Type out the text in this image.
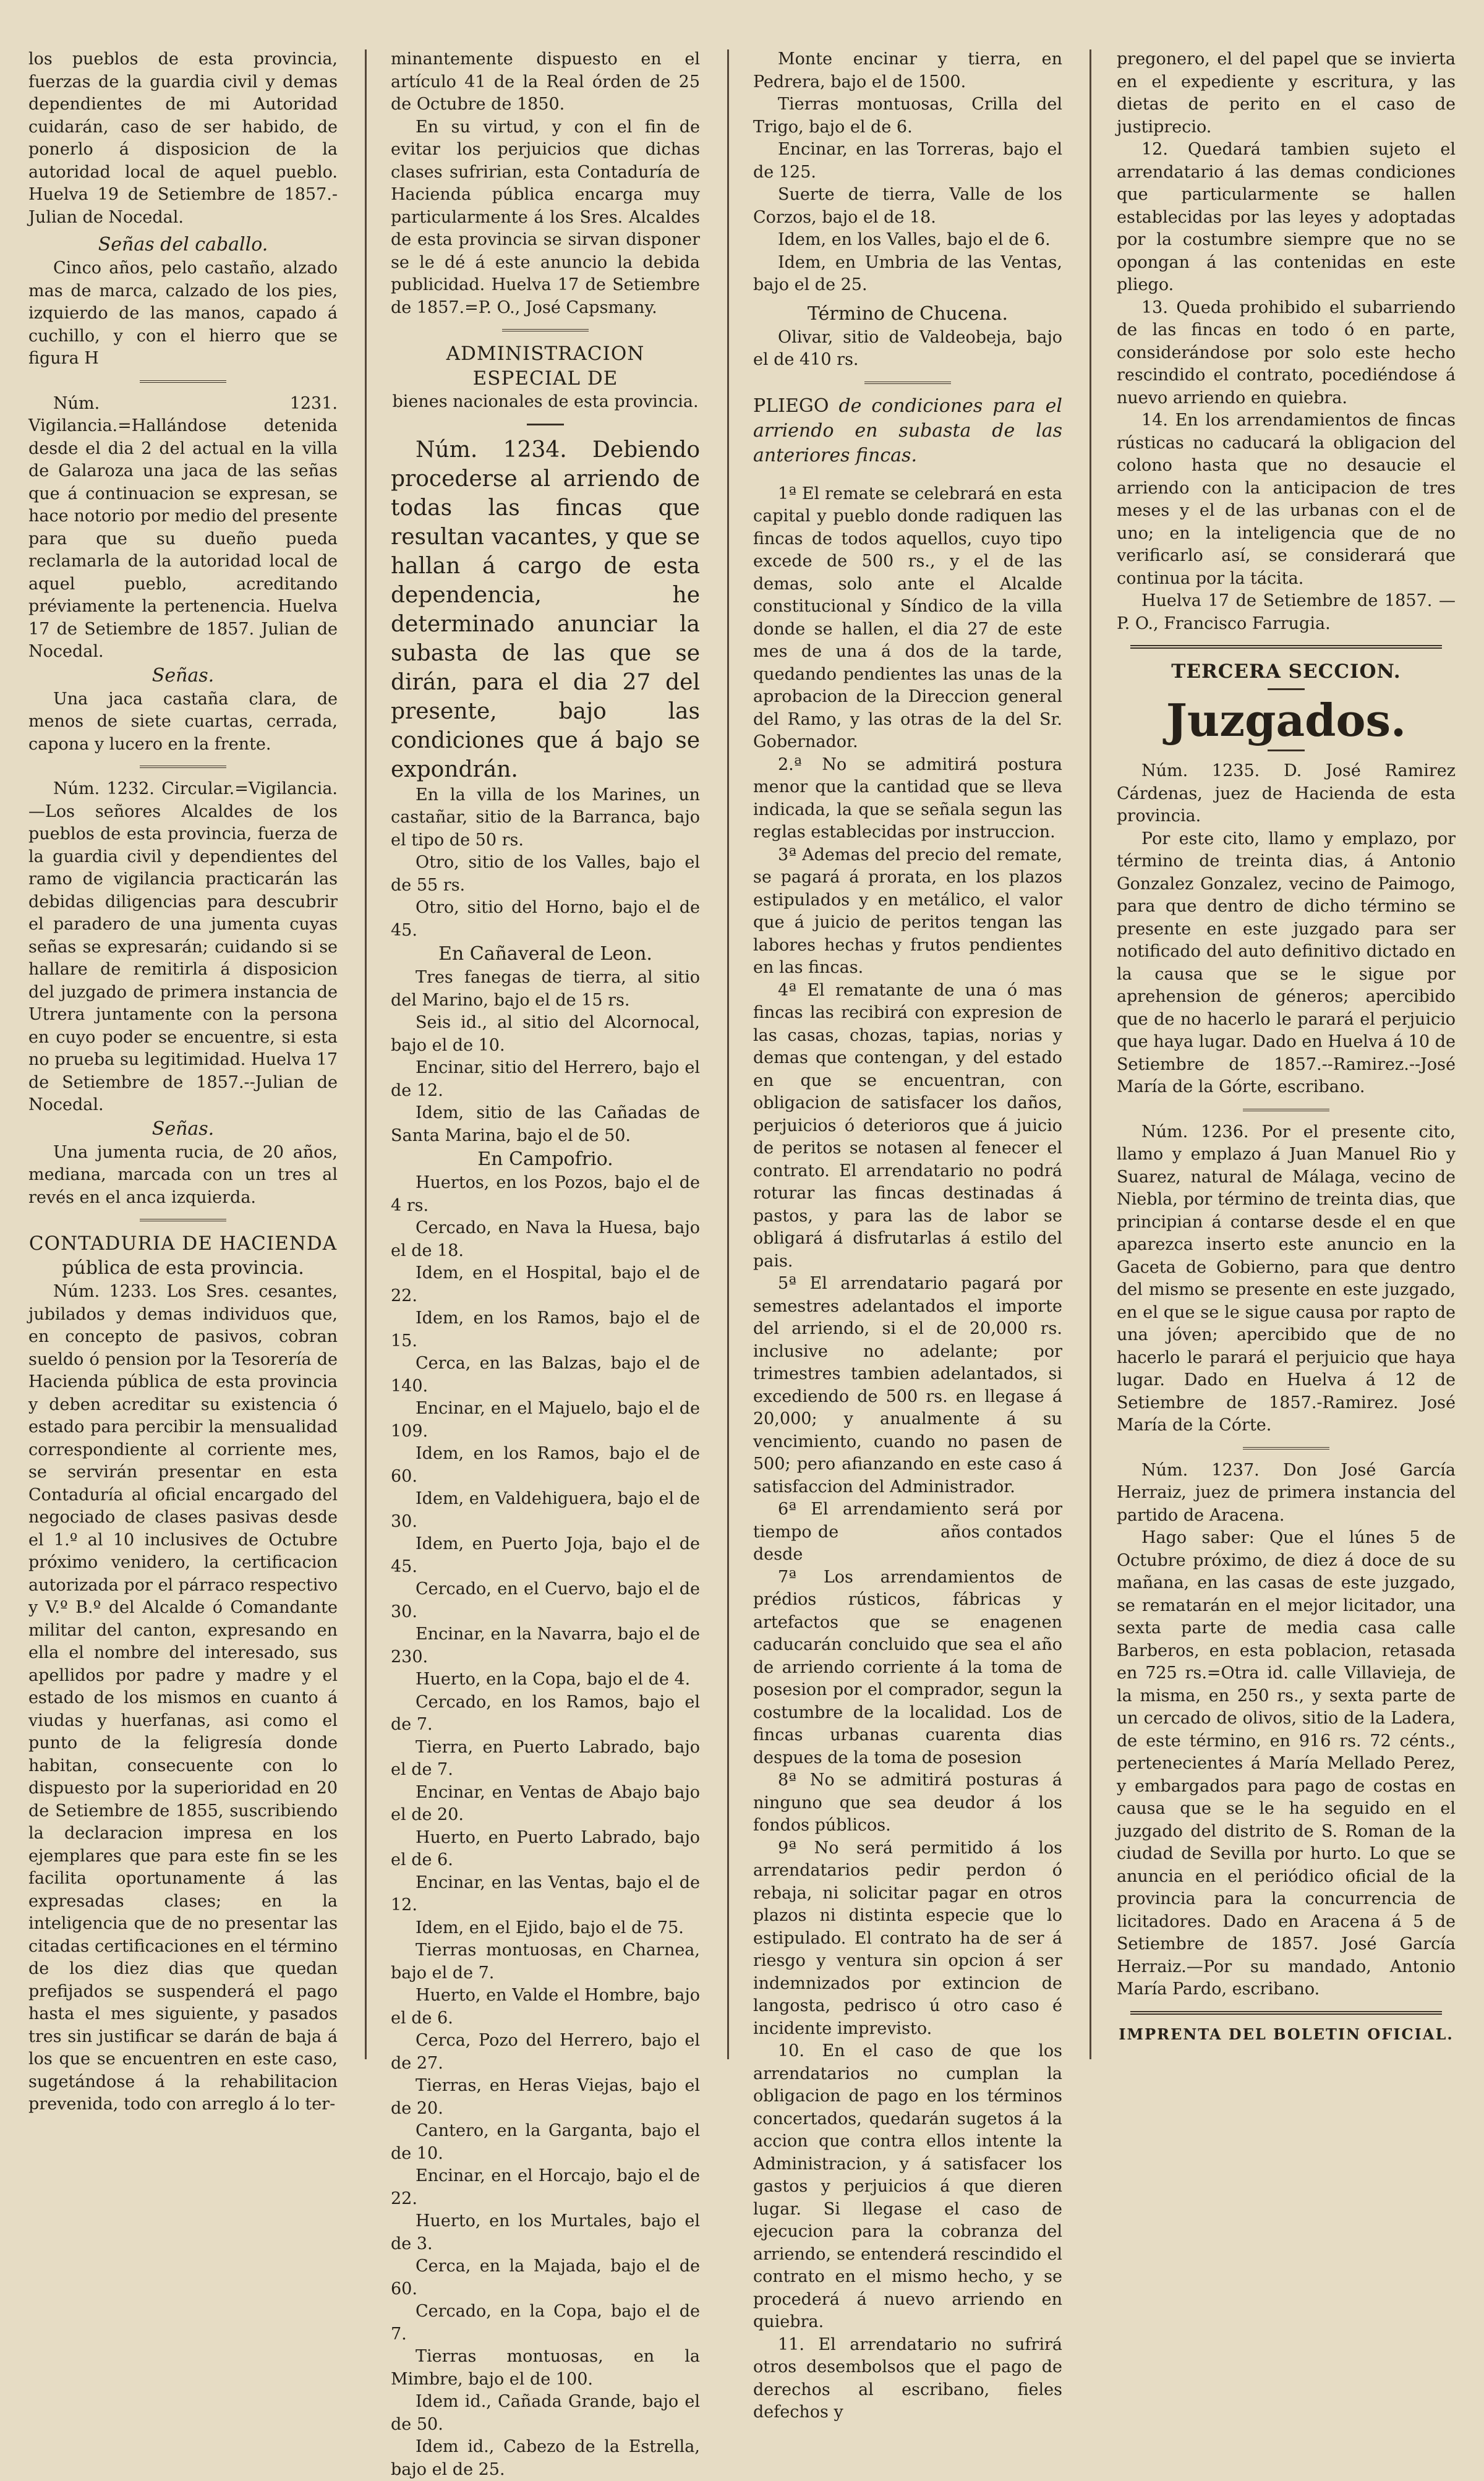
los pueblos de esta provincia, fuerzas de la guardia civil y demas dependientes de mi Autoridad cuidarán, caso de ser habido, de ponerlo á disposicion de la autoridad local de aquel pueblo. Huelva 19 de Setiembre de 1857.-Julian de Nocedal.

Señas del caballo.

Cinco años, pelo castaño, alzado mas de marca, calzado de los pies, izquierdo de las manos, capado á cuchillo, y con el hierro que se figura H

Núm. 1231. Vigilancia.=Hallándose detenida desde el dia 2 del actual en la villa de Galaroza una jaca de las señas que á continuacion se expresan, se hace notorio por medio del presente para que su dueño pueda reclamarla de la autoridad local de aquel pueblo, acreditando préviamente la pertenencia. Huelva 17 de Setiembre de 1857. Julian de Nocedal.

Señas.

Una jaca castaña clara, de menos de siete cuartas, cerrada, capona y lucero en la frente.

Núm. 1232. Circular.=Vigilancia.—Los señores Alcaldes de los pueblos de esta provincia, fuerza de la guardia civil y dependientes del ramo de vigilancia practicarán las debidas diligencias para descubrir el paradero de una jumenta cuyas señas se expresarán; cuidando si se hallare de remitirla á disposicion del juzgado de primera instancia de Utrera juntamente con la persona en cuyo poder se encuentre, si esta no prueba su legitimidad. Huelva 17 de Setiembre de 1857.--Julian de Nocedal.

Señas.

Una jumenta rucia, de 20 años, mediana, marcada con un tres al revés en el anca izquierda.

CONTADURIA DE HACIENDA

pública de esta provincia.

Núm. 1233. Los Sres. cesantes, jubilados y demas individuos que, en concepto de pasivos, cobran sueldo ó pension por la Tesorería de Hacienda pública de esta provincia y deben acreditar su existencia ó estado para percibir la mensualidad correspondiente al corriente mes, se servirán presentar en esta Contaduría al oficial encargado del negociado de clases pasivas desde el 1.º al 10 inclusives de Octubre próximo venidero, la certificacion autorizada por el párraco respectivo y V.º B.º del Alcalde ó Comandante militar del canton, expresando en ella el nombre del interesado, sus apellidos por padre y madre y el estado de los mismos en cuanto á viudas y huerfanas, asi como el punto de la feligresía donde habitan, consecuente con lo dispuesto por la superioridad en 20 de Setiembre de 1855, suscribiendo la declaracion impresa en los ejemplares que para este fin se les facilita oportunamente á las expresadas clases; en la inteligencia que de no presentar las citadas certificaciones en el término de los diez dias que quedan prefijados se suspenderá el pago hasta el mes siguiente, y pasados tres sin justificar se darán de baja á los que se encuentren en este caso, sugetándose á la rehabilitacion prevenida, todo con arreglo á lo ter-

minantemente dispuesto en el artículo 41 de la Real órden de 25 de Octubre de 1850.

En su virtud, y con el fin de evitar los perjuicios que dichas clases sufririan, esta Contaduría de Hacienda pública encarga muy particularmente á los Sres. Alcaldes de esta provincia se sirvan disponer se le dé á este anuncio la debida publicidad. Huelva 17 de Setiembre de 1857.=P. O., José Capsmany.

ADMINISTRACION ESPECIAL DE

bienes nacionales de esta provincia.

Núm. 1234. Debiendo procederse al arriendo de todas las fincas que resultan vacantes, y que se hallan á cargo de esta dependencia, he determinado anunciar la subasta de las que se dirán, para el dia 27 del presente, bajo las condiciones que á bajo se expondrán.

En la villa de los Marines, un castañar, sitio de la Barranca, bajo el tipo de 50 rs.

Otro, sitio de los Valles, bajo el de 55 rs.

Otro, sitio del Horno, bajo el de 45.

En Cañaveral de Leon.

Tres fanegas de tierra, al sitio del Marino, bajo el de 15 rs.

Seis id., al sitio del Alcornocal, bajo el de 10.

Encinar, sitio del Herrero, bajo el de 12.

Idem, sitio de las Cañadas de Santa Marina, bajo el de 50.

En Campofrio.

Huertos, en los Pozos, bajo el de 4 rs.

Cercado, en Nava la Huesa, bajo el de 18.

Idem, en el Hospital, bajo el de 22.

Idem, en los Ramos, bajo el de 15.

Cerca, en las Balzas, bajo el de 140.

Encinar, en el Majuelo, bajo el de 109.

Idem, en los Ramos, bajo el de 60.

Idem, en Valdehiguera, bajo el de 30.

Idem, en Puerto Joja, bajo el de 45.

Cercado, en el Cuervo, bajo el de 30.

Encinar, en la Navarra, bajo el de 230.

Huerto, en la Copa, bajo el de 4.

Cercado, en los Ramos, bajo el de 7.

Tierra, en Puerto Labrado, bajo el de 7.

Encinar, en Ventas de Abajo bajo el de 20.

Huerto, en Puerto Labrado, bajo el de 6.

Encinar, en las Ventas, bajo el de 12.

Idem, en el Ejido, bajo el de 75.

Tierras montuosas, en Charnea, bajo el de 7.

Huerto, en Valde el Hombre, bajo el de 6.

Cerca, Pozo del Herrero, bajo el de 27.

Tierras, en Heras Viejas, bajo el de 20.

Cantero, en la Garganta, bajo el de 10.

Encinar, en el Horcajo, bajo el de 22.

Huerto, en los Murtales, bajo el de 3.

Cerca, en la Majada, bajo el de 60.

Cercado, en la Copa, bajo el de 7.

Tierras montuosas, en la Mimbre, bajo el de 100.

Idem id., Cañada Grande, bajo el de 50.

Idem id., Cabezo de la Estrella, bajo el de 25.

Monte encinar y tierra, en Pedrera, bajo el de 1500.

Tierras montuosas, Crilla del Trigo, bajo el de 6.

Encinar, en las Torreras, bajo el de 125.

Suerte de tierra, Valle de los Corzos, bajo el de 18.

Idem, en los Valles, bajo el de 6.

Idem, en Umbria de las Ventas, bajo el de 25.

Término de Chucena.

Olivar, sitio de Valdeobeja, bajo el de 410 rs.

PLIEGO de condiciones para el arriendo en subasta de las anteriores fincas.

1ª El remate se celebrará en esta capital y pueblo donde radiquen las fincas de todos aquellos, cuyo tipo excede de 500 rs., y el de las demas, solo ante el Alcalde constitucional y Síndico de la villa donde se hallen, el dia 27 de este mes de una á dos de la tarde, quedando pendientes las unas de la aprobacion de la Direccion general del Ramo, y las otras de la del Sr. Gobernador.

2.ª No se admitirá postura menor que la cantidad que se lleva indicada, la que se señala segun las reglas establecidas por instruccion.

3ª Ademas del precio del remate, se pagará á prorata, en los plazos estipulados y en metálico, el valor que á juicio de peritos tengan las labores hechas y frutos pendientes en las fincas.

4ª El rematante de una ó mas fincas las recibirá con expresion de las casas, chozas, tapias, norias y demas que contengan, y del estado en que se encuentran, con obligacion de satisfacer los daños, perjuicios ó deterioros que á juicio de peritos se notasen al fenecer el contrato. El arrendatario no podrá roturar las fincas destinadas á pastos, y para las de labor se obligará á disfrutarlas á estilo del pais.

5ª El arrendatario pagará por semestres adelantados el importe del arriendo, si el de 20,000 rs. inclusive no adelante; por trimestres tambien adelantados, si excediendo de 500 rs. en llegase á 20,000; y anualmente á su vencimiento, cuando no pasen de 500; pero afianzando en este caso á satisfaccion del Administrador.

6ª El arrendamiento será por tiempo de                años contados desde

7ª Los arrendamientos de prédios rústicos, fábricas y artefactos que se enagenen caducarán concluido que sea el año de arriendo corriente á la toma de posesion por el comprador, segun la costumbre de la localidad. Los de fincas urbanas cuarenta dias despues de la toma de posesion

8ª No se admitirá posturas á ninguno que sea deudor á los fondos públicos.

9ª No será permitido á los arrendatarios pedir perdon ó rebaja, ni solicitar pagar en otros plazos ni distinta especie que lo estipulado. El contrato ha de ser á riesgo y ventura sin opcion á ser indemnizados por extincion de langosta, pedrisco ú otro caso é incidente imprevisto.

10. En el caso de que los arrendatarios no cumplan la obligacion de pago en los términos concertados, quedarán sugetos á la accion que contra ellos intente la Administracion, y á satisfacer los gastos y perjuicios á que dieren lugar. Si llegase el caso de ejecucion para la cobranza del arriendo, se entenderá rescindido el contrato en el mismo hecho, y se procederá á nuevo arriendo en quiebra.

11. El arrendatario no sufrirá otros desembolsos que el pago de derechos al escribano, fieles defechos y

pregonero, el del papel que se invierta en el expediente y escritura, y las dietas de perito en el caso de justiprecio.

12. Quedará tambien sujeto el arrendatario á las demas condiciones que particularmente se hallen establecidas por las leyes y adoptadas por la costumbre siempre que no se opongan á las contenidas en este pliego.

13. Queda prohibido el subarriendo de las fincas en todo ó en parte, considerándose por solo este hecho rescindido el contrato, pocediéndose á nuevo arriendo en quiebra.

14. En los arrendamientos de fincas rústicas no caducará la obligacion del colono hasta que no desaucie el arriendo con la anticipacion de tres meses y el de las urbanas con el de uno; en la inteligencia que de no verificarlo así, se considerará que continua por la tácita.

Huelva 17 de Setiembre de 1857. —P. O., Francisco Farrugia.

TERCERA SECCION.

Juzgados.

Núm. 1235. D. José Ramirez Cárdenas, juez de Hacienda de esta provincia.

Por este cito, llamo y emplazo, por término de treinta dias, á Antonio Gonzalez Gonzalez, vecino de Paimogo, para que dentro de dicho término se presente en este juzgado para ser notificado del auto definitivo dictado en la causa que se le sigue por aprehension de géneros; apercibido que de no hacerlo le parará el perjuicio que haya lugar. Dado en Huelva á 10 de Setiembre de 1857.--Ramirez.--José María de la Górte, escribano.

Núm. 1236. Por el presente cito, llamo y emplazo á Juan Manuel Rio y Suarez, natural de Málaga, vecino de Niebla, por término de treinta dias, que principian á contarse desde el en que aparezca inserto este anuncio en la Gaceta de Gobierno, para que dentro del mismo se presente en este juzgado, en el que se le sigue causa por rapto de una jóven; apercibido que de no hacerlo le parará el perjuicio que haya lugar. Dado en Huelva á 12 de Setiembre de 1857.-Ramirez. José María de la Córte.

Núm. 1237. Don José García Herraiz, juez de primera instancia del partido de Aracena.

Hago saber: Que el lúnes 5 de Octubre próximo, de diez á doce de su mañana, en las casas de este juzgado, se rematarán en el mejor licitador, una sexta parte de media casa calle Barberos, en esta poblacion, retasada en 725 rs.=Otra id. calle Villavieja, de la misma, en 250 rs., y sexta parte de un cercado de olivos, sitio de la Ladera, de este término, en 916 rs. 72 cénts., pertenecientes á María Mellado Perez, y embargados para pago de costas en causa que se le ha seguido en el juzgado del distrito de S. Roman de la ciudad de Sevilla por hurto. Lo que se anuncia en el periódico oficial de la provincia para la concurrencia de licitadores. Dado en Aracena á 5 de Setiembre de 1857. José García Herraiz.—Por su mandado, Antonio María Pardo, escribano.

IMPRENTA DEL BOLETIN OFICIAL.
